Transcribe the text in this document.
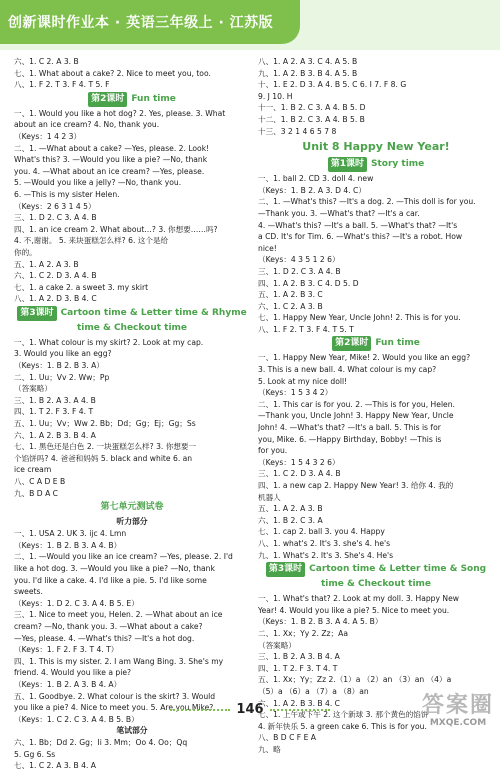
创新课时作业本 · 英语三年级上 · 江苏版
六、1. C 2. A 3. B
七、1. What about a cake? 2. Nice to meet you, too.
八、1. F 2. T 3. F 4. T 5. F
第2课时 Fun time
一、1. Would you like a hot dog? 2. Yes, please. 3. What
about an ice cream? 4. No, thank you.
（Keys：1 4 2 3）
二、1. —What about a cake? —Yes, please. 2. Look!
What's this? 3. —Would you like a pie? —No, thank
you. 4. —What about an ice cream? —Yes, please.
5. —Would you like a jelly? —No, thank you.
6. —This is my sister Helen.
（Keys：2 6 3 1 4 5）
三、1. D 2. C 3. A 4. B
四、1. an ice cream 2. What about…? 3. 你想要……吗?
4. 不,谢谢。 5. 来块蛋糕怎么样? 6. 这个是给
你的。
五、1. A 2. A 3. B
六、1. C 2. D 3. A 4. B
七、1. a cake 2. a sweet 3. my skirt
八、1. A 2. D 3. B 4. C
第3课时 Cartoon time & Letter time & Rhyme
time & Checkout time
一、1. What colour is my skirt? 2. Look at my cap.
3. Would you like an egg?
（Keys：1. B 2. B 3. A）
二、1. Uu；Vv 2. Ww；Pp
（答案略）
三、1. B 2. A 3. A 4. B
四、1. T 2. F 3. F 4. T
五、1. Uu；Vv；Ww 2. Bb；Dd；Gg；Ej；Gg；Ss
六、1. A 2. B 3. B 4. A
七、1. 黑色还是白色 2. 一块蛋糕怎么样? 3. 你想要一
个馅饼吗? 4. 爸爸和妈妈 5. black and white 6. an
ice cream
八、C A D E B
九、B D A C
第七单元测试卷
听力部分
一、1. USA 2. UK 3. ijc 4. Lmn
（Keys：1. B 2. B 3. A 4. B）
二、1. —Would you like an ice cream? —Yes, please. 2. I'd
like a hot dog. 3. —Would you like a pie? —No, thank
you. I'd like a cake. 4. I'd like a pie. 5. I'd like some
sweets.
（Keys：1. D 2. C 3. A 4. B 5. E）
三、1. Nice to meet you, Helen. 2. —What about an ice
cream? —No, thank you. 3. —What about a cake?
—Yes, please. 4. —What's this? —It's a hot dog.
（Keys：1. F 2. F 3. T 4. T）
四、1. This is my sister. 2. I am Wang Bing. 3. She's my
friend. 4. Would you like a pie?
（Keys：1. B 2. A 3. B 4. A）
五、1. Goodbye. 2. What colour is the skirt? 3. Would
you like a pie? 4. Nice to meet you. 5. Are you Mike?
（Keys：1. C 2. C 3. A 4. B 5. B）
笔试部分
六、1. Bb；Dd 2. Gg；Ii 3. Mm；Oo 4. Oo；Qq
5. Gg 6. Ss
七、1. C 2. A 3. B 4. A
八、1. A 2. A 3. C 4. A 5. B
九、1. A 2. B 3. B 4. A 5. B
十、1. E 2. D 3. A 4. B 5. C 6. I 7. F 8. G
9. J 10. H
十一、1. B 2. C 3. A 4. B 5. D
十二、1. B 2. C 3. A 4. B 5. B
十三、3 2 1 4 6 5 7 8
Unit 8 Happy New Year!
第1课时 Story time
一、1. ball 2. CD 3. doll 4. new
（Keys：1. B 2. A 3. D 4. C）
二、1. —What's this? —It's a dog. 2. —This doll is for you.
—Thank you. 3. —What's that? —It's a car.
4. —What's this? —It's a ball. 5. —What's that? —It's
a CD. It's for Tim. 6. —What's this? —It's a robot. How
nice!
（Keys：4 3 5 1 2 6）
三、1. D 2. C 3. A 4. B
四、1. A 2. B 3. C 4. D 5. D
五、1. A 2. B 3. C
六、1. C 2. A 3. B
七、1. Happy New Year, Uncle John! 2. This is for you.
八、1. F 2. T 3. F 4. T 5. T
第2课时 Fun time
一、1. Happy New Year, Mike! 2. Would you like an egg?
3. This is a new ball. 4. What colour is my cap?
5. Look at my nice doll!
（Keys：1 5 3 4 2）
二、1. This car is for you. 2. —This is for you, Helen.
—Thank you, Uncle John! 3. Happy New Year, Uncle
John! 4. —What's that? —It's a ball. 5. This is for
you, Mike. 6. —Happy Birthday, Bobby! —This is
for you.
（Keys：1 5 4 3 2 6）
三、1. C 2. D 3. A 4. B
四、1. a new cap 2. Happy New Year! 3. 给你 4. 我的
机器人
五、1. A 2. A 3. B
六、1. B 2. C 3. A
七、1. cap 2. ball 3. you 4. Happy
八、1. what's 2. It's 3. she's 4. he's
九、1. What's 2. It's 3. She's 4. He's
第3课时 Cartoon time & Letter time & Song
time & Checkout time
一、1. What's that? 2. Look at my doll. 3. Happy New
Year! 4. Would you like a pie? 5. Nice to meet you.
（Keys：1. B 2. B 3. A 4. A 5. B）
二、1. Xx；Yy 2. Zz；Aa
（答案略）
三、1. B 2. A 3. B 4. A
四、1. T 2. F 3. T 4. T
五、1. Xx；Yy；Zz 2.（1）a （2）an （3）an （4）a
（5）a （6）a （7）a （8）an
六、1. A 2. B 3. B 4. C
七、1. 上午或下午 2. 这个新球 3. 那个黄色的馅饼
4. 新年快乐 5. a green cake 6. This is for you.
八、B D C F E A
九、略
146	答案圈
MXQE.COM
